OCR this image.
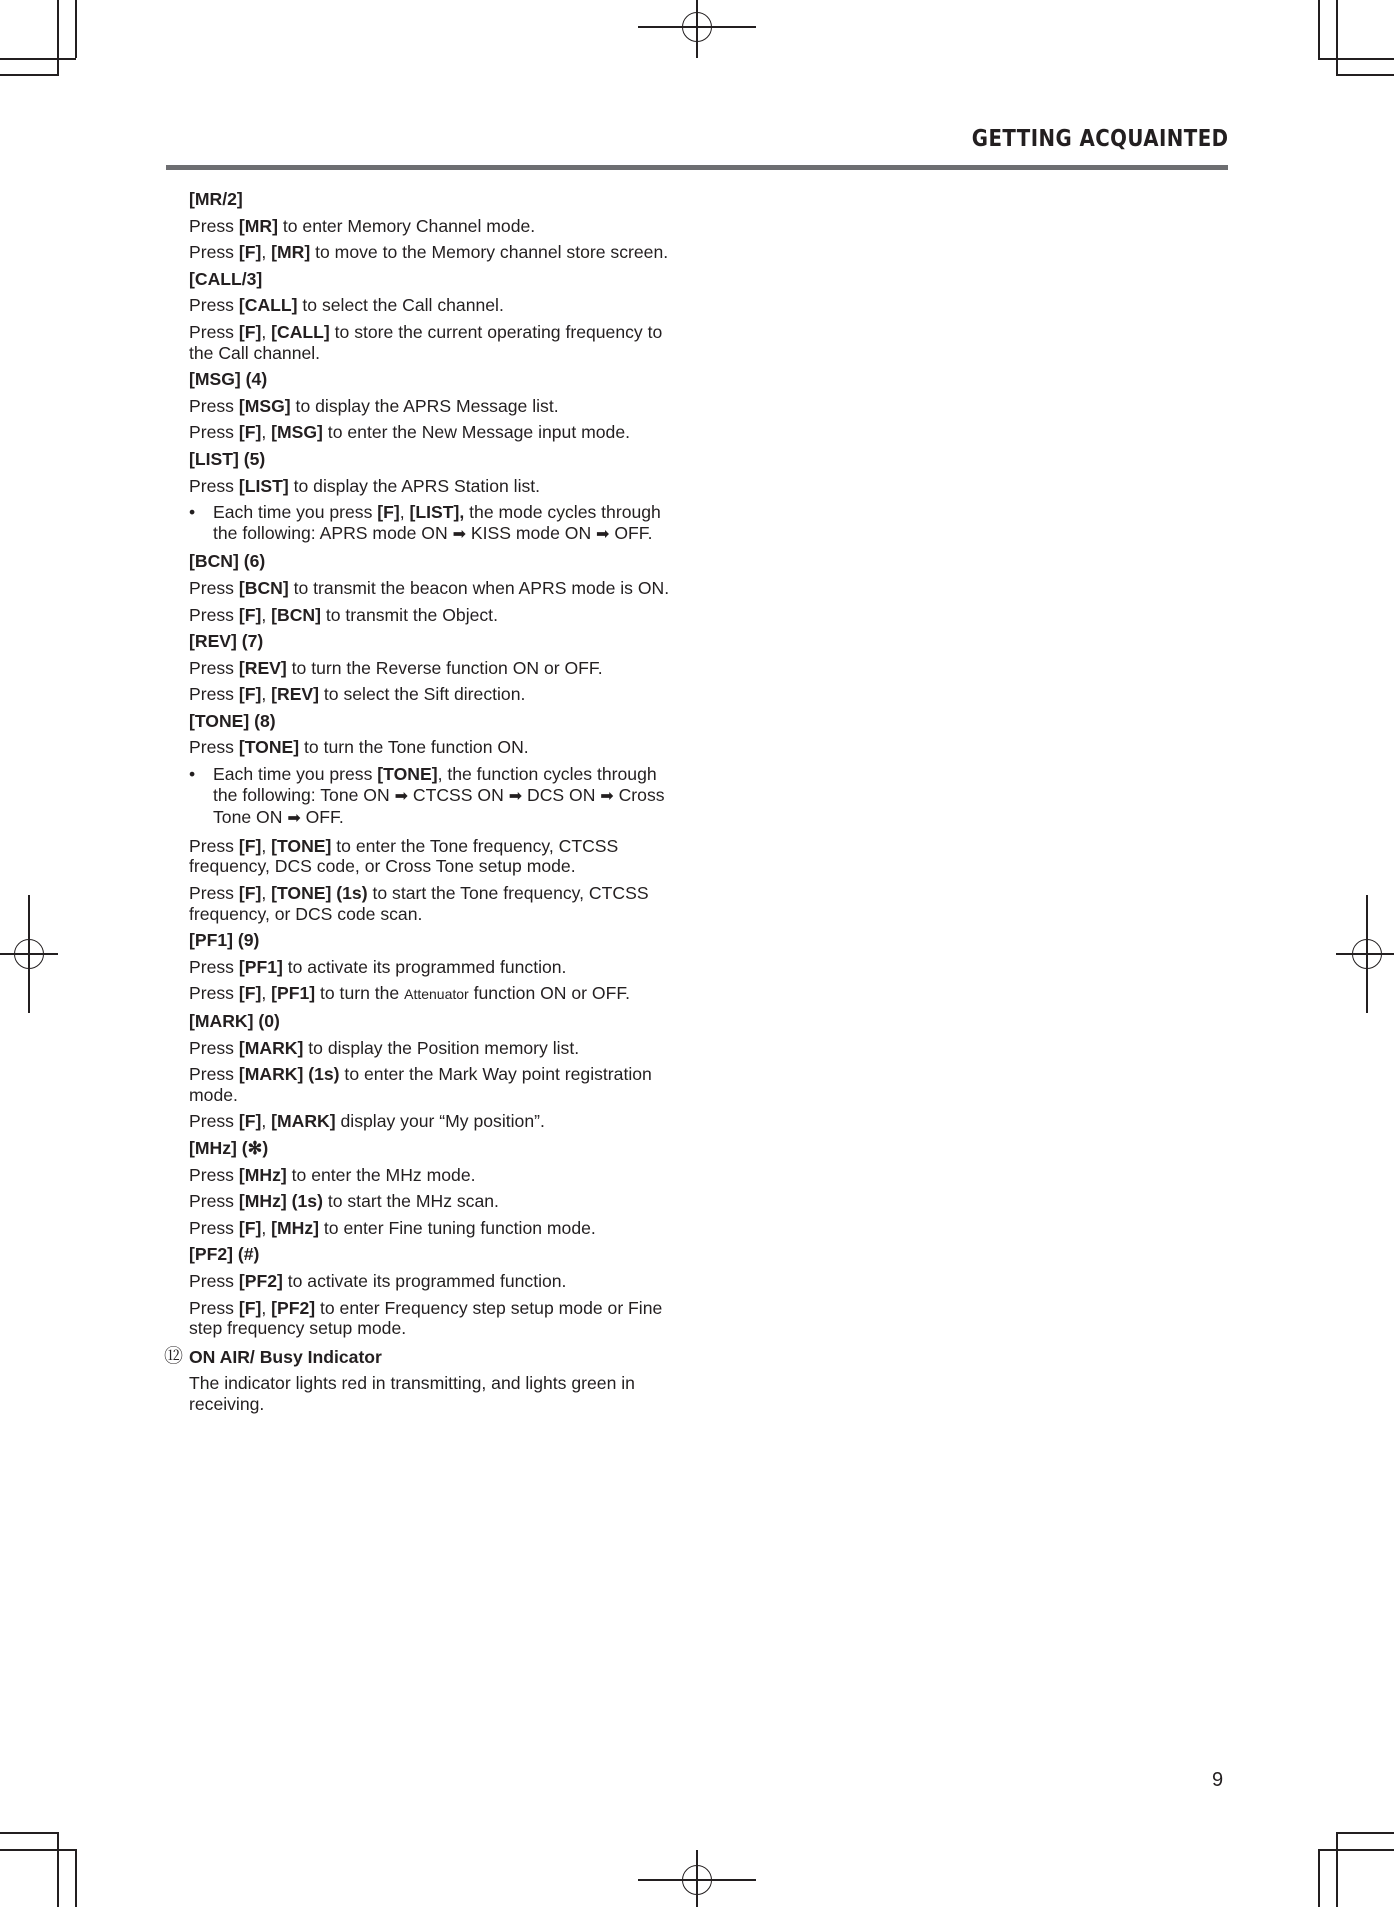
GETTING ACQUAINTED
[MR/2]
Press [MR] to enter Memory Channel mode.
Press [F], [MR] to move to the Memory channel store screen.
[CALL/3]
Press [CALL] to select the Call channel.
Press [F], [CALL] to store the current operating frequency to the Call channel.
[MSG] (4)
Press [MSG] to display the APRS Message list.
Press [F], [MSG] to enter the New Message input mode.
[LIST] (5)
Press [LIST] to display the APRS Station list.
• Each time you press [F], [LIST], the mode cycles through the following: APRS mode ON ➡ KISS mode ON ➡ OFF.
[BCN] (6)
Press [BCN] to transmit the beacon when APRS mode is ON.
Press [F], [BCN] to transmit the Object.
[REV] (7)
Press [REV] to turn the Reverse function ON or OFF.
Press [F], [REV] to select the Sift direction.
[TONE] (8)
Press [TONE] to turn the Tone function ON.
• Each time you press [TONE], the function cycles through the following: Tone ON ➡ CTCSS ON ➡ DCS ON ➡ Cross Tone ON ➡ OFF.
Press [F], [TONE] to enter the Tone frequency, CTCSS frequency, DCS code, or Cross Tone setup mode.
Press [F], [TONE] (1s) to start the Tone frequency, CTCSS frequency, or DCS code scan.
[PF1] (9)
Press [PF1] to activate its programmed function.
Press [F], [PF1] to turn the Attenuator function ON or OFF.
[MARK] (0)
Press [MARK] to display the Position memory list.
Press [MARK] (1s) to enter the Mark Way point registration mode.
Press [F], [MARK] display your “My position”.
[MHz] (✻)
Press [MHz] to enter the MHz mode.
Press [MHz] (1s) to start the MHz scan.
Press [F], [MHz] to enter Fine tuning function mode.
[PF2] (#)
Press [PF2] to activate its programmed function.
Press [F], [PF2] to enter Frequency step setup mode or Fine step frequency setup mode.
⑫ ON AIR/ Busy Indicator
The indicator lights red in transmitting, and lights green in receiving.
9
